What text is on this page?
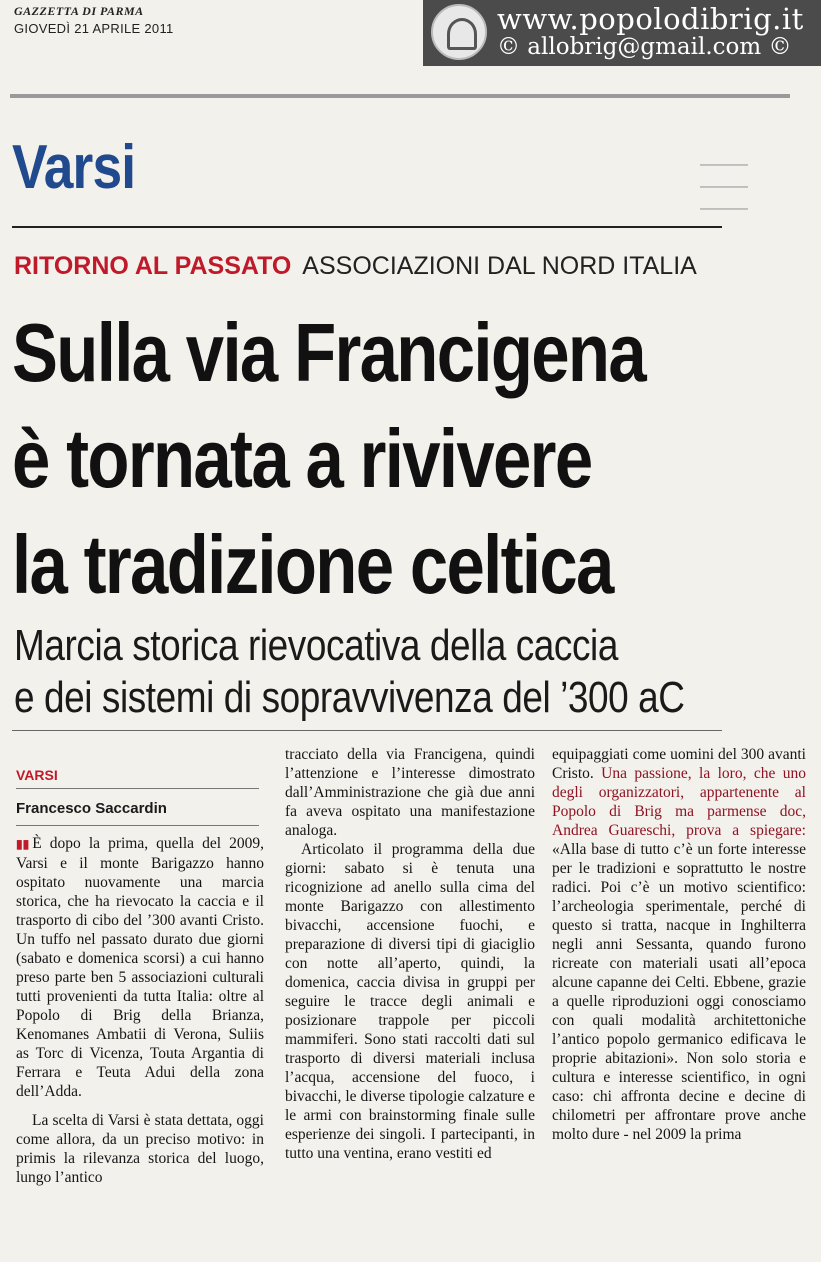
GAZZETTA DI PARMA
GIOVEDÌ 21 APRILE 2011	www.popolodibrig.it
© allobrig@gmail.com ©
Varsi	———
———
———
RITORNO AL PASSATO ASSOCIAZIONI DAL NORD ITALIA
Sulla via Francigena
è tornata a rivivere
la tradizione celtica
Marcia storica rievocativa della caccia
e dei sistemi di sopravvivenza del ’300 aC
VARSI
Francesco Saccardin

▮▮ È dopo la prima, quella del 2009, Varsi e il monte Barigazzo hanno ospitato nuovamente una marcia storica, che ha rievocato la caccia e il trasporto di cibo del ’300 avanti Cristo. Un tuffo nel passato durato due giorni (sabato e domenica scorsi) a cui hanno preso parte ben 5 associazioni culturali tutti provenienti da tutta Italia: oltre al Popolo di Brig della Brianza, Kenomanes Ambatii di Verona, Suliis as Torc di Vicenza, Touta Argantia di Ferrara e Teuta Adui della zona dell’Adda.

La scelta di Varsi è stata dettata, oggi come allora, da un preciso motivo: in primis la rilevanza storica del luogo, lungo l’antico

tracciato della via Francigena, quindi l’attenzione e l’interesse dimostrato dall’Amministrazione che già due anni fa aveva ospitato una manifestazione analoga.

Articolato il programma della due giorni: sabato si è tenuta una ricognizione ad anello sulla cima del monte Barigazzo con allestimento bivacchi, accensione fuochi, e preparazione di diversi tipi di giaciglio con notte all’aperto, quindi, la domenica, caccia divisa in gruppi per seguire le tracce degli animali e posizionare trappole per piccoli mammiferi. Sono stati raccolti dati sul trasporto di diversi materiali inclusa l’acqua, accensione del fuoco, i bivacchi, le diverse tipologie calzature e le armi con brainstorming finale sulle esperienze dei singoli. I partecipanti, in tutto una ventina, erano vestiti ed

equipaggiati come uomini del 300 avanti Cristo. Una passione, la loro, che uno degli organizzatori, appartenente al Popolo di Brig ma parmense doc, Andrea Guareschi, prova a spiegare: «Alla base di tutto c’è un forte interesse per le tradizioni e soprattutto le nostre radici. Poi c’è un motivo scientifico: l’archeologia sperimentale, perché di questo si tratta, nacque in Inghilterra negli anni Sessanta, quando furono ricreate con materiali usati all’epoca alcune capanne dei Celti. Ebbene, grazie a quelle riproduzioni oggi conosciamo con quali modalità architettoniche l’antico popolo germanico edificava le proprie abitazioni». Non solo storia e cultura e interesse scientifico, in ogni caso: chi affronta decine e decine di chilometri per affrontare prove anche molto dure - nel 2009 la prima
